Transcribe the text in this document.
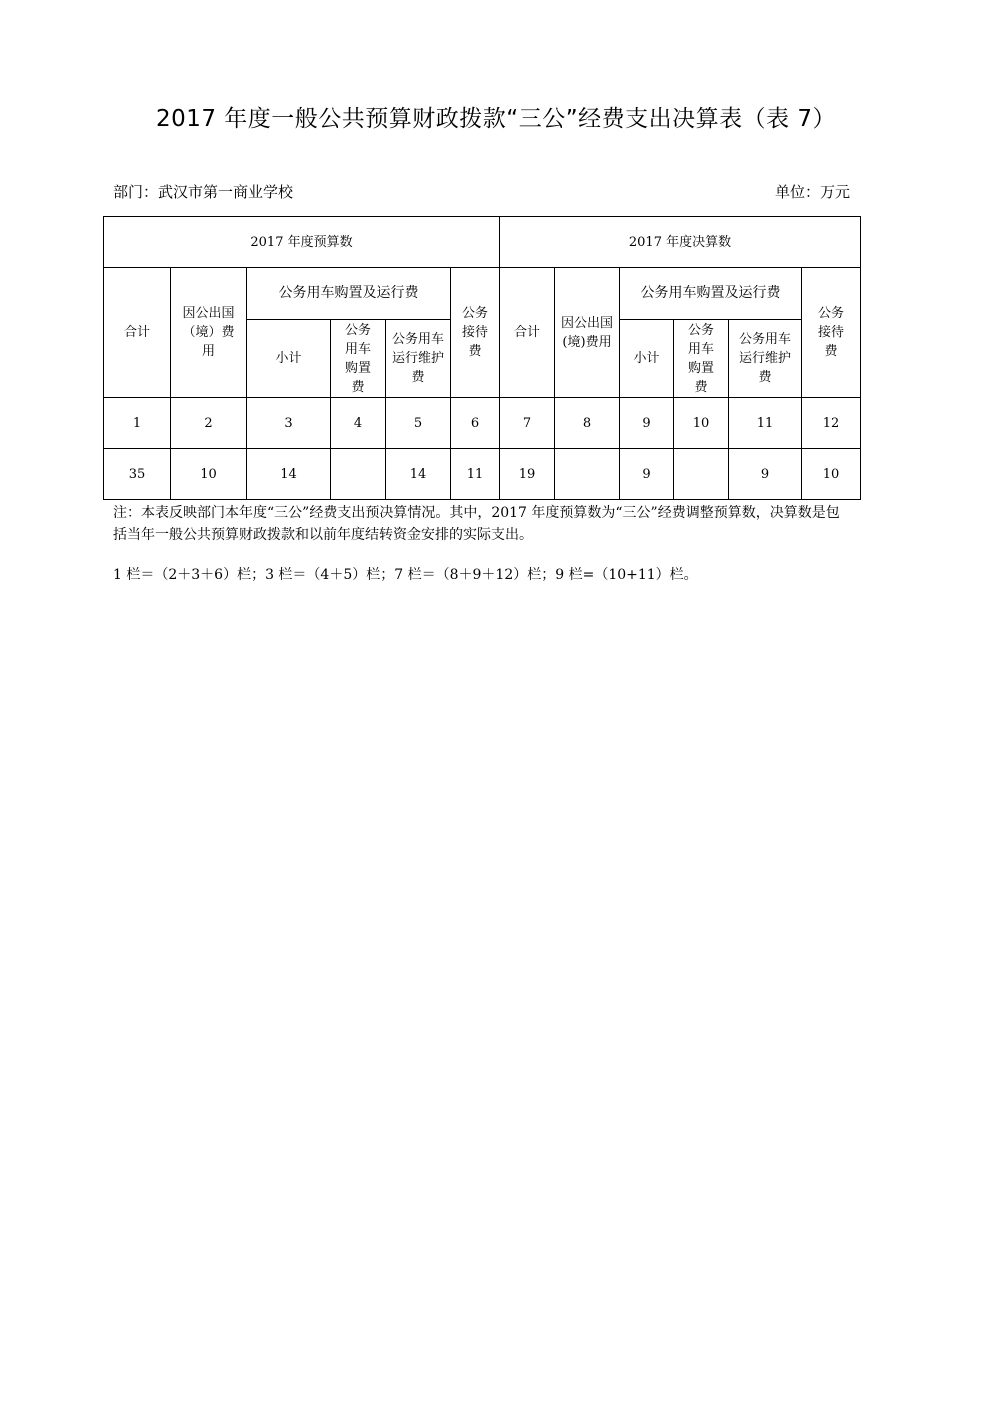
2017 年度一般公共预算财政拨款“三公”经费支出决算表（表 7）
部门：武汉市第一商业学校	单位：万元
2017 年度预算数						2017 年度决算数					
合计	因公出国（境）费用	公务用车购置及运行费			公务接待费	合计	因公出国(境)费用	公务用车购置及运行费			公务接待费
		小计	公务用车购置费	公务用车运行维护费				小计	公务用车购置费	公务用车运行维护费	
1	2	3	4	5	6	7	8	9	10	11	12
35	10	14		14	11	19		9		9	10
注：本表反映部门本年度“三公”经费支出预决算情况。其中，2017 年度预算数为“三公”经费调整预算数，决算数是包括当年一般公共预算财政拨款和以前年度结转资金安排的实际支出。
1 栏＝（2＋3＋6）栏；3 栏＝（4＋5）栏；7 栏＝（8＋9＋12）栏；9 栏=（10+11）栏。
